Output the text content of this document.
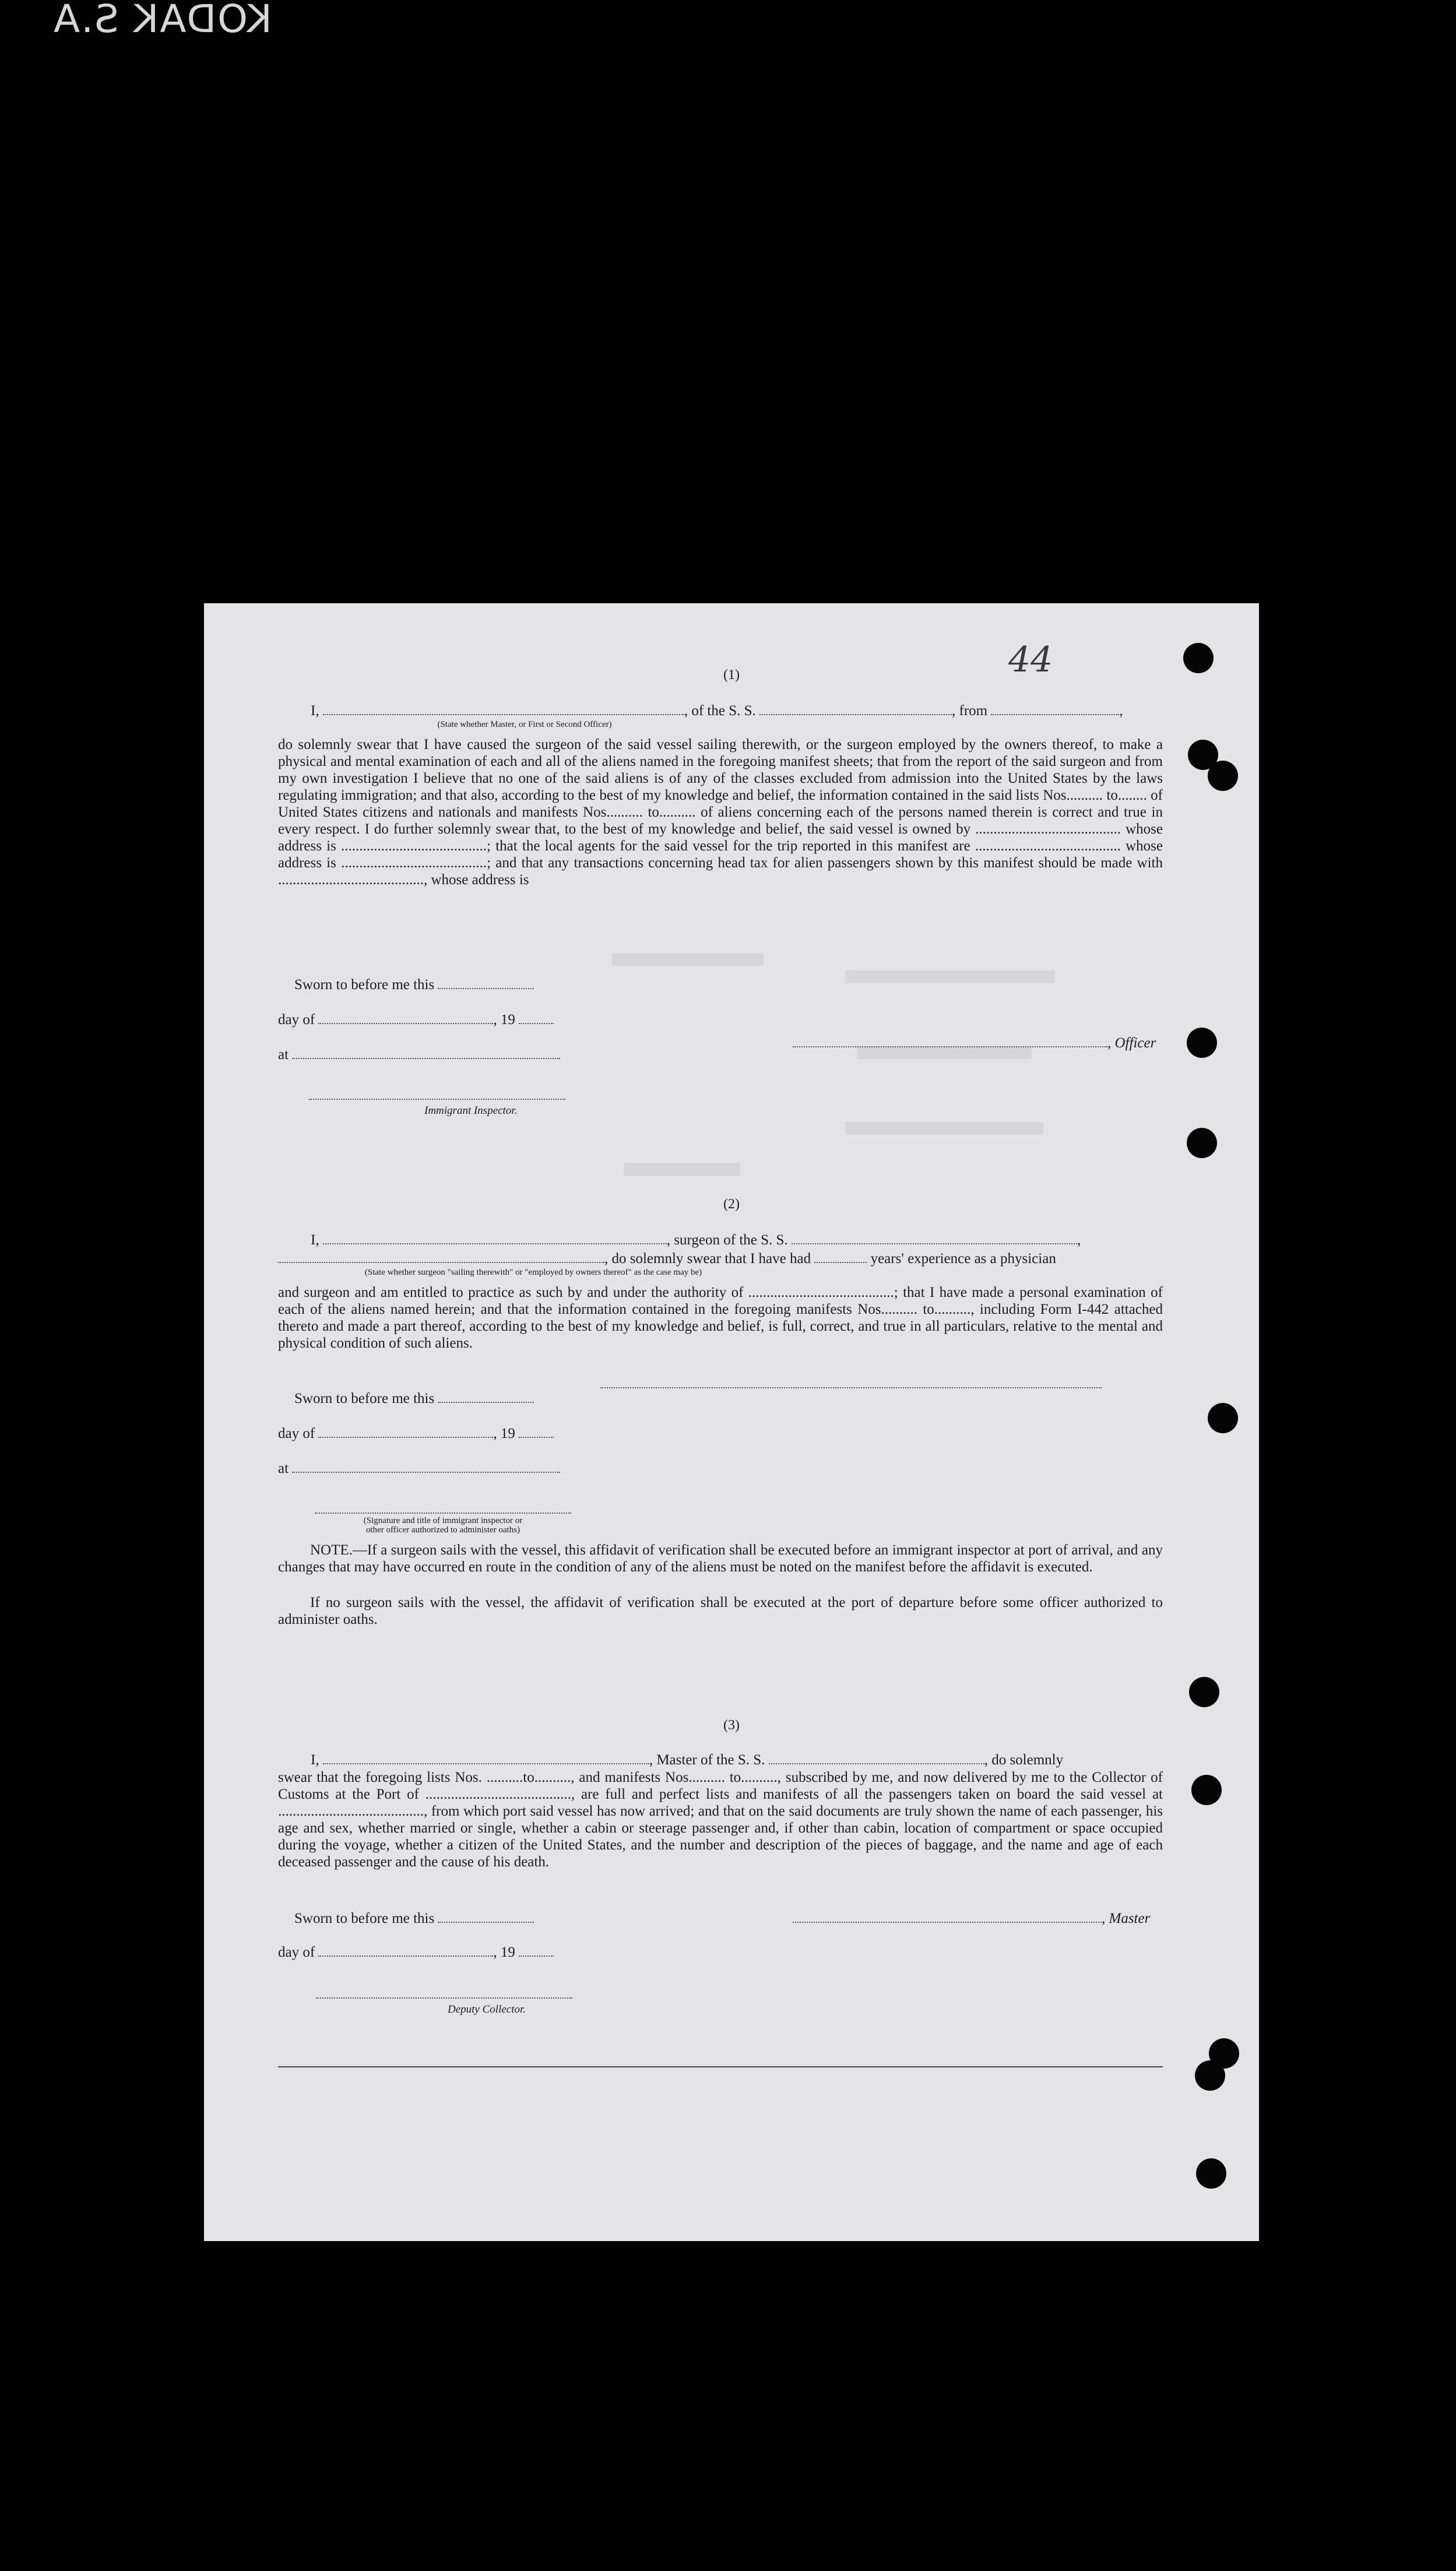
KODAK S.A
44

(1)
I,	, of the S. S.	, from	,
(State whether Master, or First or Second Officer)
do solemnly swear that I have caused the surgeon of the said vessel sailing therewith, or the surgeon employed by the owners thereof, to make a physical and mental examination of each and all of the aliens named in the foregoing manifest sheets; that from the report of the said surgeon and from my own investigation I believe that no one of the said aliens is of any of the classes excluded from admission into the United States by the laws regulating immigration; and that also, according to the best of my knowledge and belief, the information contained in the said lists Nos.......... to........ of United States citizens and nationals and manifests Nos.......... to.......... of aliens concerning each of the persons named therein is correct and true in every respect. I do further solemnly swear that, to the best of my knowledge and belief, the said vessel is owned by ........................................ whose address is ........................................; that the local agents for the said vessel for the trip reported in this manifest are ........................................ whose address is ........................................; and that any transactions concerning head tax for alien passengers shown by this manifest should be made with ........................................, whose address is
Sworn to before me this
day of	, 19
at
, Officer
Immigrant Inspector.
(2)
I,	, surgeon of the S. S.	,
, do solemnly swear that I have had	years' experience as a physician
(State whether surgeon "sailing therewith" or "employed by owners thereof" as the case may be)
and surgeon and am entitled to practice as such by and under the authority of ........................................; that I have made a personal examination of each of the aliens named herein; and that the information contained in the foregoing manifests Nos.......... to.........., including Form I-442 attached thereto and made a part thereof, according to the best of my knowledge and belief, is full, correct, and true in all particulars, relative to the mental and physical condition of such aliens.
Sworn to before me this
day of	, 19
at
(Signature and title of immigrant inspector or
other officer authorized to administer oaths)
NOTE.—If a surgeon sails with the vessel, this affidavit of verification shall be executed before an immigrant inspector at port of arrival, and any changes that may have occurred en route in the condition of any of the aliens must be noted on the manifest before the affidavit is executed.
If no surgeon sails with the vessel, the affidavit of verification shall be executed at the port of departure before some officer authorized to administer oaths.
(3)
I,	, Master of the S. S.	, do solemnly
swear that the foregoing lists Nos. ..........to.........., and manifests Nos.......... to.........., subscribed by me, and now delivered by me to the Collector of Customs at the Port of ........................................, are full and perfect lists and manifests of all the passengers taken on board the said vessel at ........................................, from which port said vessel has now arrived; and that on the said documents are truly shown the name of each passenger, his age and sex, whether married or single, whether a cabin or steerage passenger and, if other than cabin, location of compartment or space occupied during the voyage, whether a citizen of the United States, and the number and description of the pieces of baggage, and the name and age of each deceased passenger and the cause of his death.
Sworn to before me this	, Master
day of	, 19
Deputy Collector.
